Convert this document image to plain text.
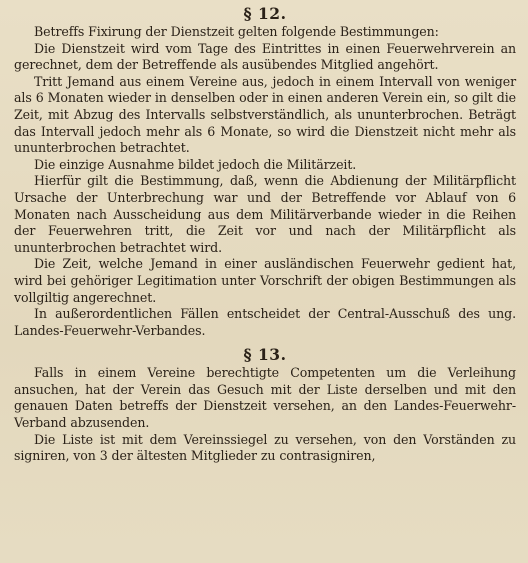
§ 12.

Betreffs Fixirung der Dienstzeit gelten folgende Bestimmungen:

Die Dienstzeit wird vom Tage des Eintrittes in einen Feuerwehrverein an gerechnet, dem der Betreffende als ausübendes Mitglied angehört.

Tritt Jemand aus einem Vereine aus, jedoch in einem Intervall von weniger als 6 Monaten wieder in denselben oder in einen anderen Verein ein, so gilt die Zeit, mit Abzug des Intervalls selbstverständlich, als ununterbrochen. Beträgt das Intervall jedoch mehr als 6 Monate, so wird die Dienstzeit nicht mehr als ununterbrochen betrachtet.

Die einzige Ausnahme bildet jedoch die Militärzeit.

Hierfür gilt die Bestimmung, daß, wenn die Abdienung der Militärpflicht Ursache der Unterbrechung war und der Betreffende vor Ablauf von 6 Monaten nach Ausscheidung aus dem Militärverbande wieder in die Reihen der Feuerwehren tritt, die Zeit vor und nach der Militärpflicht als ununterbrochen betrachtet wird.

Die Zeit, welche Jemand in einer ausländischen Feuerwehr gedient hat, wird bei gehöriger Legitimation unter Vorschrift der obigen Bestimmungen als vollgiltig angerechnet.

In außerordentlichen Fällen entscheidet der Central-Ausschuß des ung. Landes-Feuerwehr-Verbandes.

§ 13.

Falls in einem Vereine berechtigte Competenten um die Verleihung ansuchen, hat der Verein das Gesuch mit der Liste derselben und mit den genauen Daten betreffs der Dienstzeit versehen, an den Landes-Feuerwehr-Verband abzusenden.

Die Liste ist mit dem Vereinssiegel zu versehen, von den Vorständen zu signiren, von 3 der ältesten Mitglieder zu contrasigniren,
